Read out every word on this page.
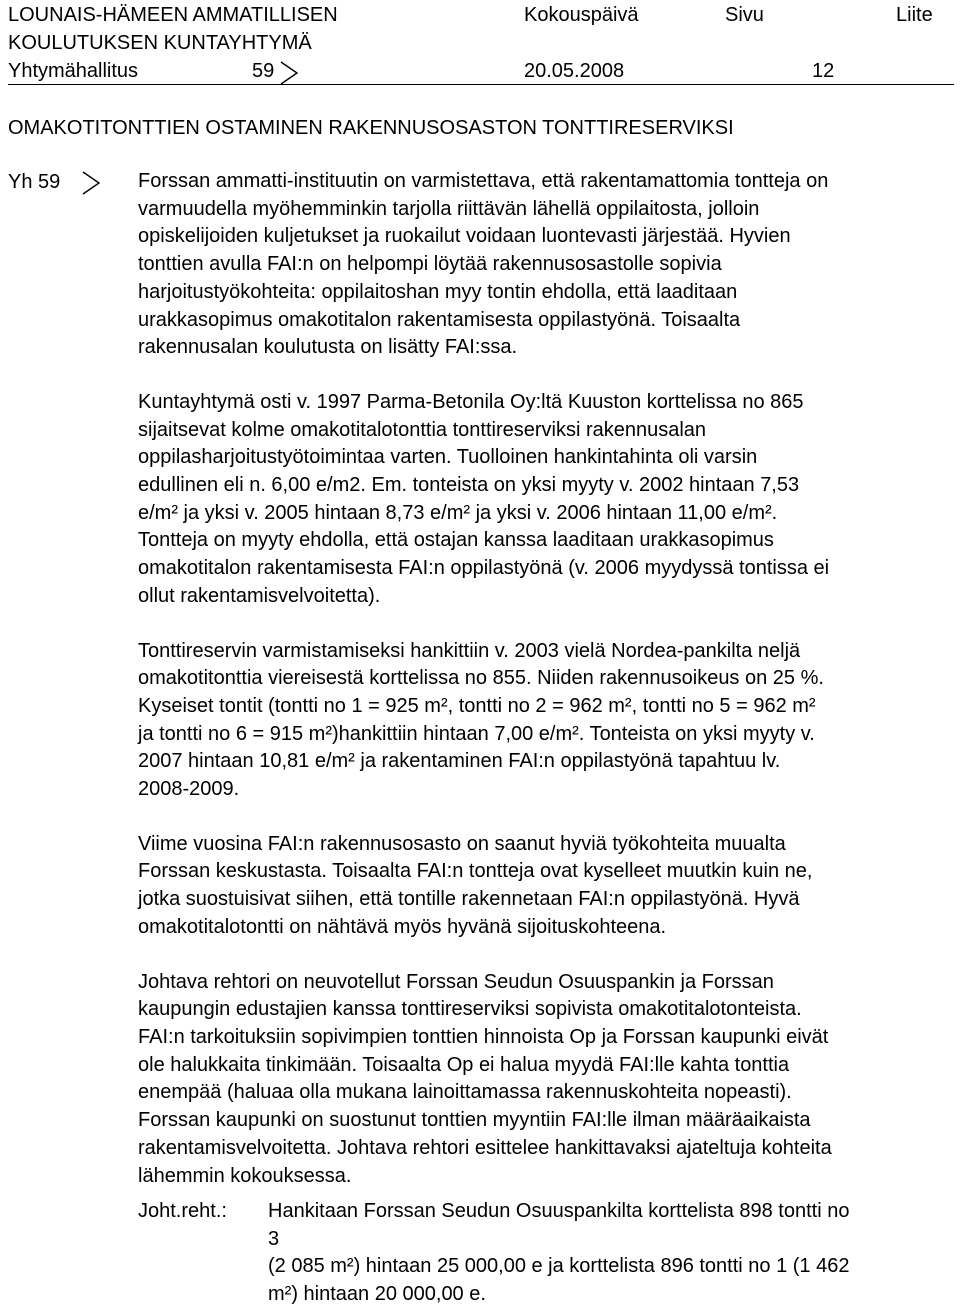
LOUNAIS-HÄMEEN AMMATILLISEN	Kokouspäivä	Sivu	Liite
KOULUTUKSEN KUNTAYHTYMÄ
Yhtymähallitus	59	20.05.2008	12
OMAKOTITONTTIEN OSTAMINEN RAKENNUSOSASTON TONTTIRESERVIKSI
Yh 59	Forssan ammatti-instituutin on varmistettava, että rakentamattomia tontteja on
varmuudella myöhemminkin tarjolla riittävän lähellä oppilaitosta, jolloin
opiskelijoiden kuljetukset ja ruokailut voidaan luontevasti järjestää. Hyvien
tonttien avulla FAI:n on helpompi löytää rakennusosastolle sopivia
harjoitustyökohteita: oppilaitoshan myy tontin ehdolla, että laaditaan
urakkasopimus omakotitalon rakentamisesta oppilastyönä. Toisaalta
rakennusalan koulutusta on lisätty FAI:ssa.

Kuntayhtymä osti v. 1997 Parma-Betonila Oy:ltä Kuuston korttelissa no 865
sijaitsevat kolme omakotitalotonttia tonttireserviksi rakennusalan
oppilasharjoitustyötoimintaa varten. Tuolloinen hankintahinta oli varsin
edullinen eli n. 6,00 e/m2. Em. tonteista on yksi myyty v. 2002 hintaan 7,53
e/m² ja yksi v. 2005 hintaan 8,73 e/m² ja yksi v. 2006 hintaan 11,00 e/m².
Tontteja on myyty ehdolla, että ostajan kanssa laaditaan urakkasopimus
omakotitalon rakentamisesta FAI:n oppilastyönä (v. 2006 myydyssä tontissa ei
ollut rakentamisvelvoitetta).

Tonttireservin varmistamiseksi hankittiin v. 2003 vielä Nordea-pankilta neljä
omakotitonttia viereisestä korttelissa no 855. Niiden rakennusoikeus on 25 %.
Kyseiset tontit (tontti no 1 = 925 m², tontti no 2 = 962 m², tontti no 5 = 962 m²
ja tontti no 6 = 915 m²)hankittiin hintaan 7,00 e/m². Tonteista on yksi myyty v.
2007 hintaan 10,81 e/m² ja rakentaminen FAI:n oppilastyönä tapahtuu lv.
2008-2009.

Viime vuosina FAI:n rakennusosasto on saanut hyviä työkohteita muualta
Forssan keskustasta. Toisaalta FAI:n tontteja ovat kyselleet muutkin kuin ne,
jotka suostuisivat siihen, että tontille rakennetaan FAI:n oppilastyönä. Hyvä
omakotitalotontti on nähtävä myös hyvänä sijoituskohteena.

Johtava rehtori on neuvotellut Forssan Seudun Osuuspankin ja Forssan
kaupungin edustajien kanssa tonttireserviksi sopivista omakotitalotonteista.
FAI:n tarkoituksiin sopivimpien tonttien hinnoista Op ja Forssan kaupunki eivät
ole halukkaita tinkimään. Toisaalta Op ei halua myydä FAI:lle kahta tonttia
enempää (haluaa olla mukana lainoittamassa rakennuskohteita nopeasti).
Forssan kaupunki on suostunut tonttien myyntiin FAI:lle ilman määräaikaista
rakentamisvelvoitetta. Johtava rehtori esittelee hankittavaksi ajateltuja kohteita
lähemmin kokouksessa.

Joht.reht.: Hankitaan Forssan Seudun Osuuspankilta korttelista 898 tontti no
3
(2 085 m²) hintaan 25 000,00 e ja korttelista 896 tontti no 1 (1 462
m²) hintaan 20 000,00 e.
